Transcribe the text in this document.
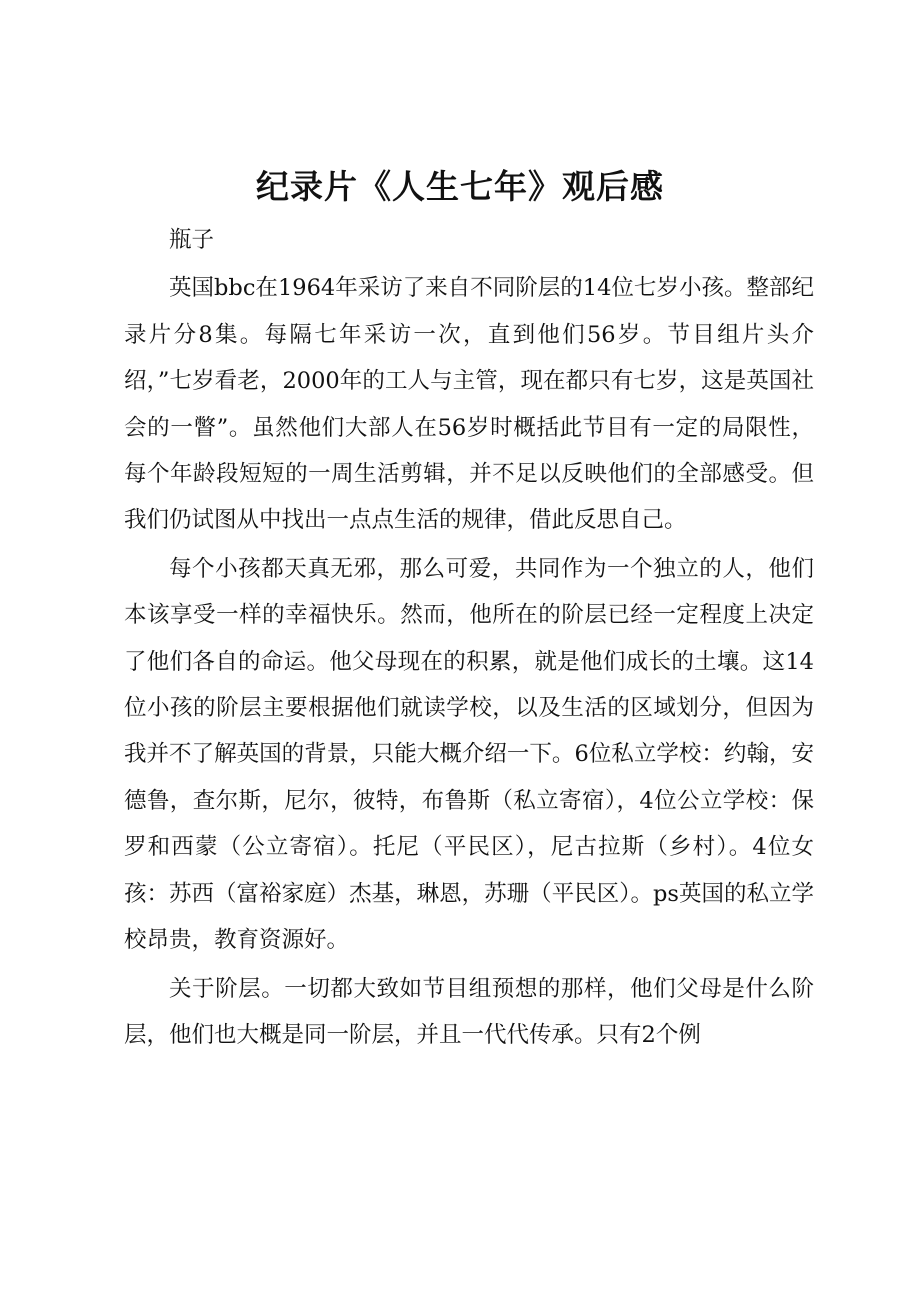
纪录片《人生七年》观后感

瓶子

英国bbc在1964年采访了来自不同阶层的14位七岁小孩。整部纪录片分8集。每隔七年采访一次，直到他们56岁。节目组片头介绍，”七岁看老，2000年的工人与主管，现在都只有七岁，这是英国社会的一瞥”。虽然他们大部人在56岁时概括此节目有一定的局限性，每个年龄段短短的一周生活剪辑，并不足以反映他们的全部感受。但我们仍试图从中找出一点点生活的规律，借此反思自己。

每个小孩都天真无邪，那么可爱，共同作为一个独立的人，他们本该享受一样的幸福快乐。然而，他所在的阶层已经一定程度上决定了他们各自的命运。他父母现在的积累，就是他们成长的土壤。这14位小孩的阶层主要根据他们就读学校，以及生活的区域划分，但因为我并不了解英国的背景，只能大概介绍一下。6位私立学校：约翰，安德鲁，查尔斯，尼尔，彼特，布鲁斯（私立寄宿），4位公立学校：保罗和西蒙（公立寄宿）。托尼（平民区），尼古拉斯（乡村）。4位女孩：苏西（富裕家庭）杰基，琳恩，苏珊（平民区）。ps英国的私立学校昂贵，教育资源好。

关于阶层。一切都大致如节目组预想的那样，他们父母是什么阶层，他们也大概是同一阶层，并且一代代传承。只有2个例
